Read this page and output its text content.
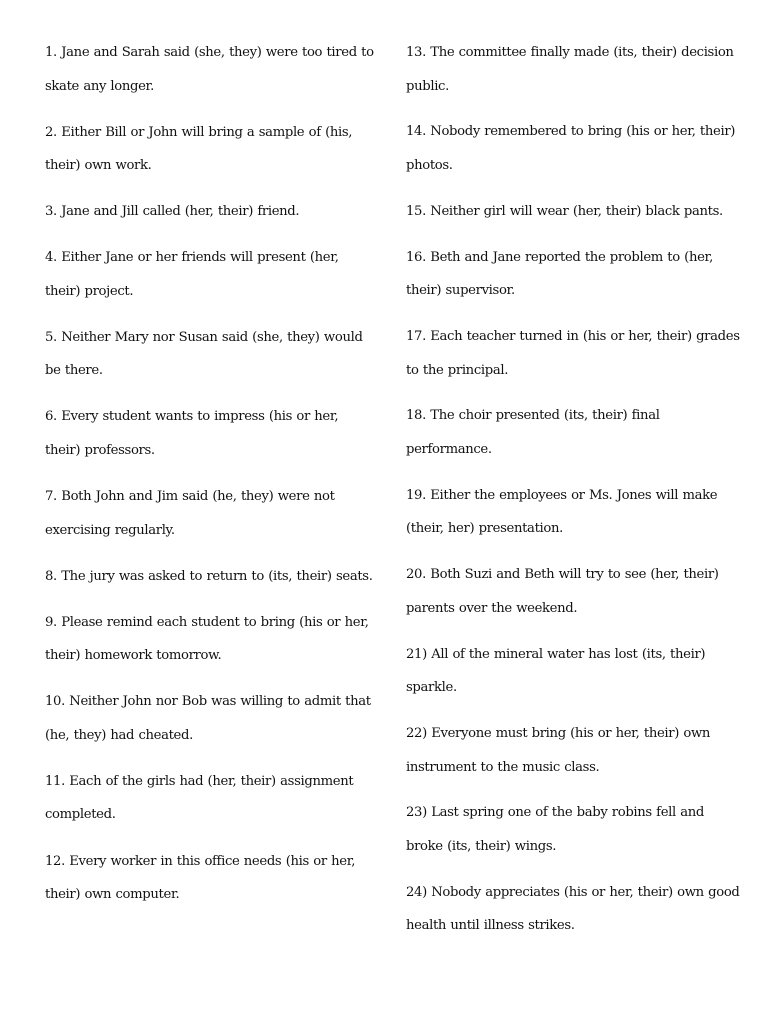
1. Jane and Sarah said (she, they) were too tired to skate any longer.

2. Either Bill or John will bring a sample of (his, their) own work.

3. Jane and Jill called (her, their) friend.

4. Either Jane or her friends will present (her, their) project.

5. Neither Mary nor Susan said (she, they) would be there.

6. Every student wants to impress (his or her, their) professors.

7. Both John and Jim said (he, they) were not exercising regularly.

8. The jury was asked to return to (its, their) seats.

9. Please remind each student to bring (his or her, their) homework tomorrow.

10. Neither John nor Bob was willing to admit that (he, they) had cheated.

11. Each of the girls had (her, their) assignment completed.

12. Every worker in this office needs (his or her, their) own computer.

13. The committee finally made (its, their) decision public.

14. Nobody remembered to bring (his or her, their) photos.

15. Neither girl will wear (her, their) black pants.

16. Beth and Jane reported the problem to (her, their) supervisor.

17. Each teacher turned in (his or her, their) grades to the principal.

18. The choir presented (its, their) final performance.

19. Either the employees or Ms. Jones will make (their, her) presentation.

20. Both Suzi and Beth will try to see (her, their) parents over the weekend.

21) All of the mineral water has lost (its, their) sparkle.

22) Everyone must bring (his or her, their) own instrument to the music class.

23) Last spring one of the baby robins fell and broke (its, their) wings.

24) Nobody appreciates (his or her, their) own good health until illness strikes.
